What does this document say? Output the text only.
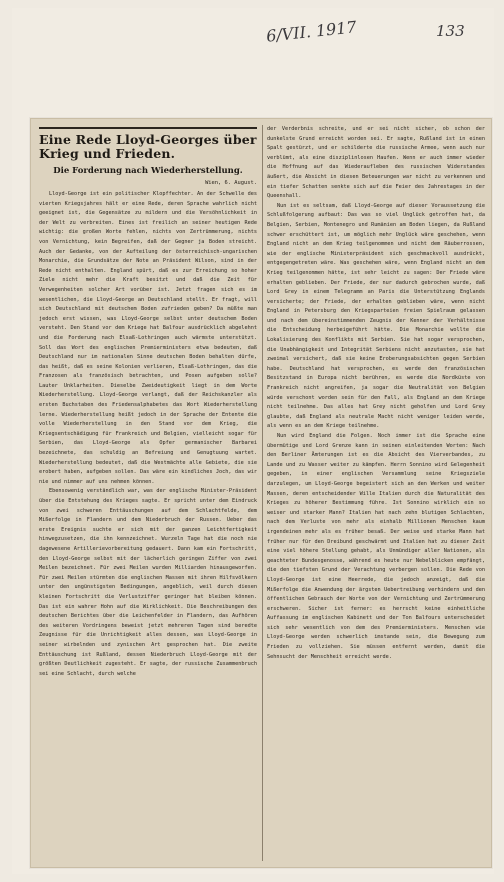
6/VII. 1917	133
Eine Rede Lloyd-Georges über Krieg und Frieden.
Die Forderung nach Wiederherstellung.
Wien, 6. August.

Lloyd-George ist ein politischer Klopffechter. An der Schwelle des vierten Kriegsjahres hält er eine Rede, deren Sprache wahrlich nicht geeignet ist, die Gegensätze zu mildern und die Versöhnlichkeit in der Welt zu verbreiten. Eines ist freilich an seiner heutigen Rede wichtig: die großen Worte fehlen, nichts von Zertrümmerung, nichts von Vernichtung, kein Begreifen, daß der Gegner ja Boden streicht. Auch der Gedanke, von der Aufteilung der österreichisch-ungarischen Monarchie, die Grundsätze der Note an Präsident Wilson, sind in der Rede nicht enthalten. England spürt, daß es zur Erreichung so hoher Ziele nicht mehr die Kraft besitzt und daß die Zeit für Verwegenheiten solcher Art vorüber ist. Jetzt fragen sich es im wesentlichen, die Lloyd-George an Deutschland stellt. Er fragt, will sich Deutschland mit deutschem Boden zufrieden geben? Da müßte man jedoch erst wissen, was Lloyd-George selbst unter deutschem Boden versteht. Den Stand vor dem Kriege hat Balfour ausdrücklich abgelehnt und die Forderung nach Elsaß-Lothringen auch wärmste unterstützt. Soll das Wort des englischen Premierministers etwa bedeuten, daß Deutschland nur im nationalen Sinne deutschen Boden behalten dürfe, das heißt, daß es seine Kolonien verlieren, Elsaß-Lothringen, das die Franzosen als französisch betrachten, und Posen aufgeben solle? Lauter Unklarheiten. Dieselbe Zweideutigkeit liegt in dem Worte Wiederherstellung. Lloyd-George verlangt, daß der Reichskanzler als ersten Buchstaben des Friedensalphabetes das Wort Wiederherstellung lerne. Wiederherstellung heißt jedoch in der Sprache der Entente die volle Wiederherstellung in den Stand vor dem Krieg, die Kriegsentschädigung für Frankreich und Belgien, vielleicht sogar für Serbien, das Lloyd-George als Opfer germanischer Barbarei bezeichnete, das schuldig an Befreiung und Genugtuung wartet. Wiederherstellung bedeutet, daß die Westmächte alle Gebiete, die sie erobert haben, aufgeben sollen. Das wäre ein kindliches Joch, das wir nie und nimmer auf uns nehmen können.

Ebensowenig verständlich war, was der englische Minister-Präsident über die Entstehung des Krieges sagte. Er spricht unter dem Eindruck von zwei schweren Enttäuschungen auf dem Schlachtfelde, dem Mißerfolge in Flandern und dem Niederbruch der Russen. Ueber das erste Ereignis suchte er sich mit der ganzen Leichtfertigkeit hinwegzusetzen, die ihn kennzeichnet. Wurzeln Tage hat die noch nie dagewesene Artillerievorbereitung gedauert. Dann kam ein Fortschritt, den Lloyd-George selbst mit der lächerlich geringen Ziffer von zwei Meilen bezeichnet. Für zwei Meilen wurden Milliarden hinausgeworfen. Für zwei Meilen stürmten die englischen Massen mit ihren Hilfsvölkern unter den ungünstigsten Bedingungen, angeblich, weil durch diesen kleinen Fortschritt die Verlustziffer geringer hat bleiben können. Das ist ein wahrer Hohn auf die Wirklichkeit. Die Beschreibungen des deutschen Berichtes über die Leichenfelder in Flandern, das Aufhören des weiteren Vordringens beweist jetzt mehreren Tagen sind beredte Zeugnisse für die Unrichtigkeit alles dessen, was Lloyd-George in seiner wirbelnden und zynischen Art gesprochen hat. Die zweite Enttäuschung ist Rußland, dessen Niederbruch Lloyd-George mit der größten Deutlichkeit zugesteht. Er sagte, der russische Zusammenbruch sei eine Schlacht, durch welche

der Verderbnis schreite, und er sei nicht sicher, ob schon der dunkelste Grund erreicht worden sei. Er sagte, Rußland ist in einen Spalt gestürzt, und er schilderte die russische Armee, wenn auch nur verblümt, als eine disziplinlosen Haufen. Wenn er auch immer wieder die Hoffnung auf das Wiederaufleben des russischen Widerstandes äußert, die Absicht in diesen Beteuerungen war nicht zu verkennen und ein tiefer Schatten senkte sich auf die Feier des Jahrestages in der Queenshall.

Nun ist es seltsam, daß Lloyd-George auf dieser Voraussetzung die Schlußfolgerung aufbaut: Das was so viel Unglück getroffen hat, da Belgien, Serbien, Montenegro und Rumänien am Boden liegen, da Rußland schwer erschüttert ist, um möglich mehr Unglück wäre geschehen, wenn England nicht an dem Krieg teilgenommen und nicht dem Räuberrossen, wie der englische Ministerpräsident sich geschmackvoll ausdrückt, entgegengetreten wäre. Was geschehen wäre, wenn England nicht an dem Krieg teilgenommen hätte, ist sehr leicht zu sagen: Der Friede wäre erhalten geblieben. Der Friede, der nur dadurch gebrochen wurde, daß Lord Grey in einem Telegramm an Paris die Unterstützung Englands versicherte; der Friede, der erhalten geblieben wäre, wenn nicht England in Petersburg den Kriegsparteien freien Spielraum gelassen und nach dem übereinstimmenden Zeugnis der Kenner der Verhältnisse die Entscheidung herbeigeführt hätte. Die Monarchie wollte die Lokalisierung des Konflikts mit Serbien. Sie hat sogar versprochen, die Unabhängigkeit und Integrität Serbiens nicht anzutasten, sie hat zweimal versichert, daß sie keine Eroberungsabsichten gegen Serbien habe. Deutschland hat versprochen, es werde den französischen Besitzstand in Europa nicht berühren, es werde die Nordküste von Frankreich nicht angreifen, ja sogar die Neutralität von Belgien würde verschont worden sein für den Fall, als England an dem Kriege nicht teilnehme. Das alles hat Grey nicht geholfen und Lord Grey glaubte, daß England als neutrale Macht nicht weniger leiden werde, als wenn es an dem Kriege teilnehme.

Nun wird England die Folgen. Noch immer ist die Sprache eine übermütige und Lord Grenze kann in seinen einleitenden Worten: Nach den Berliner Ämterungen ist es die Absicht des Vierverbandes, zu Lande und zu Wasser weiter zu kämpfen. Herrn Sonnino wird Gelegenheit gegeben, in einer englischen Versammlung seine Kriegsziele darzulegen, um Lloyd-George begeistert sich an den Werken und weiter Massen, deren entscheidender Wille Italien durch die Naturalität des Krieges zu höherer Bestimmung führe. Ist Sonnino wirklich ein so weiser und starker Mann? Italien hat nach zehn blutigen Schlachten, nach dem Verluste von mehr als einhalb Millionen Menschen kaum irgendeinen mehr als es früher besaß. Der weise und starke Mann hat früher nur für den Dreibund geschwärmt und Italien hat zu dieser Zeit eine viel höhere Stellung gehabt, als Unmündiger aller Nationen, als geachteter Bundesgenosse, während es heute nur Nebelblicken empfängt, die den tiefsten Grund der Verachtung verbergen sollen. Die Rede von Lloyd-George ist eine Heerrede, die jedoch anzeigt, daß die Mißerfolge die Anwendung der ärgsten Uebertreibung verhindern und den öffentlichen Gebrauch der Worte von der Vernichtung und Zertrümmerung erschweren. Sicher ist ferner: es herrscht keine einheitliche Auffassung im englischen Kabinett und der Ton Balfours unterscheidet sich sehr wesentlich von dem des Premierministers. Menschen wie Lloyd-George werden schwerlich imstande sein, die Bewegung zum Frieden zu vollziehen. Sie müssen entfernt werden, damit die Sehnsucht der Menschheit erreicht werde.
